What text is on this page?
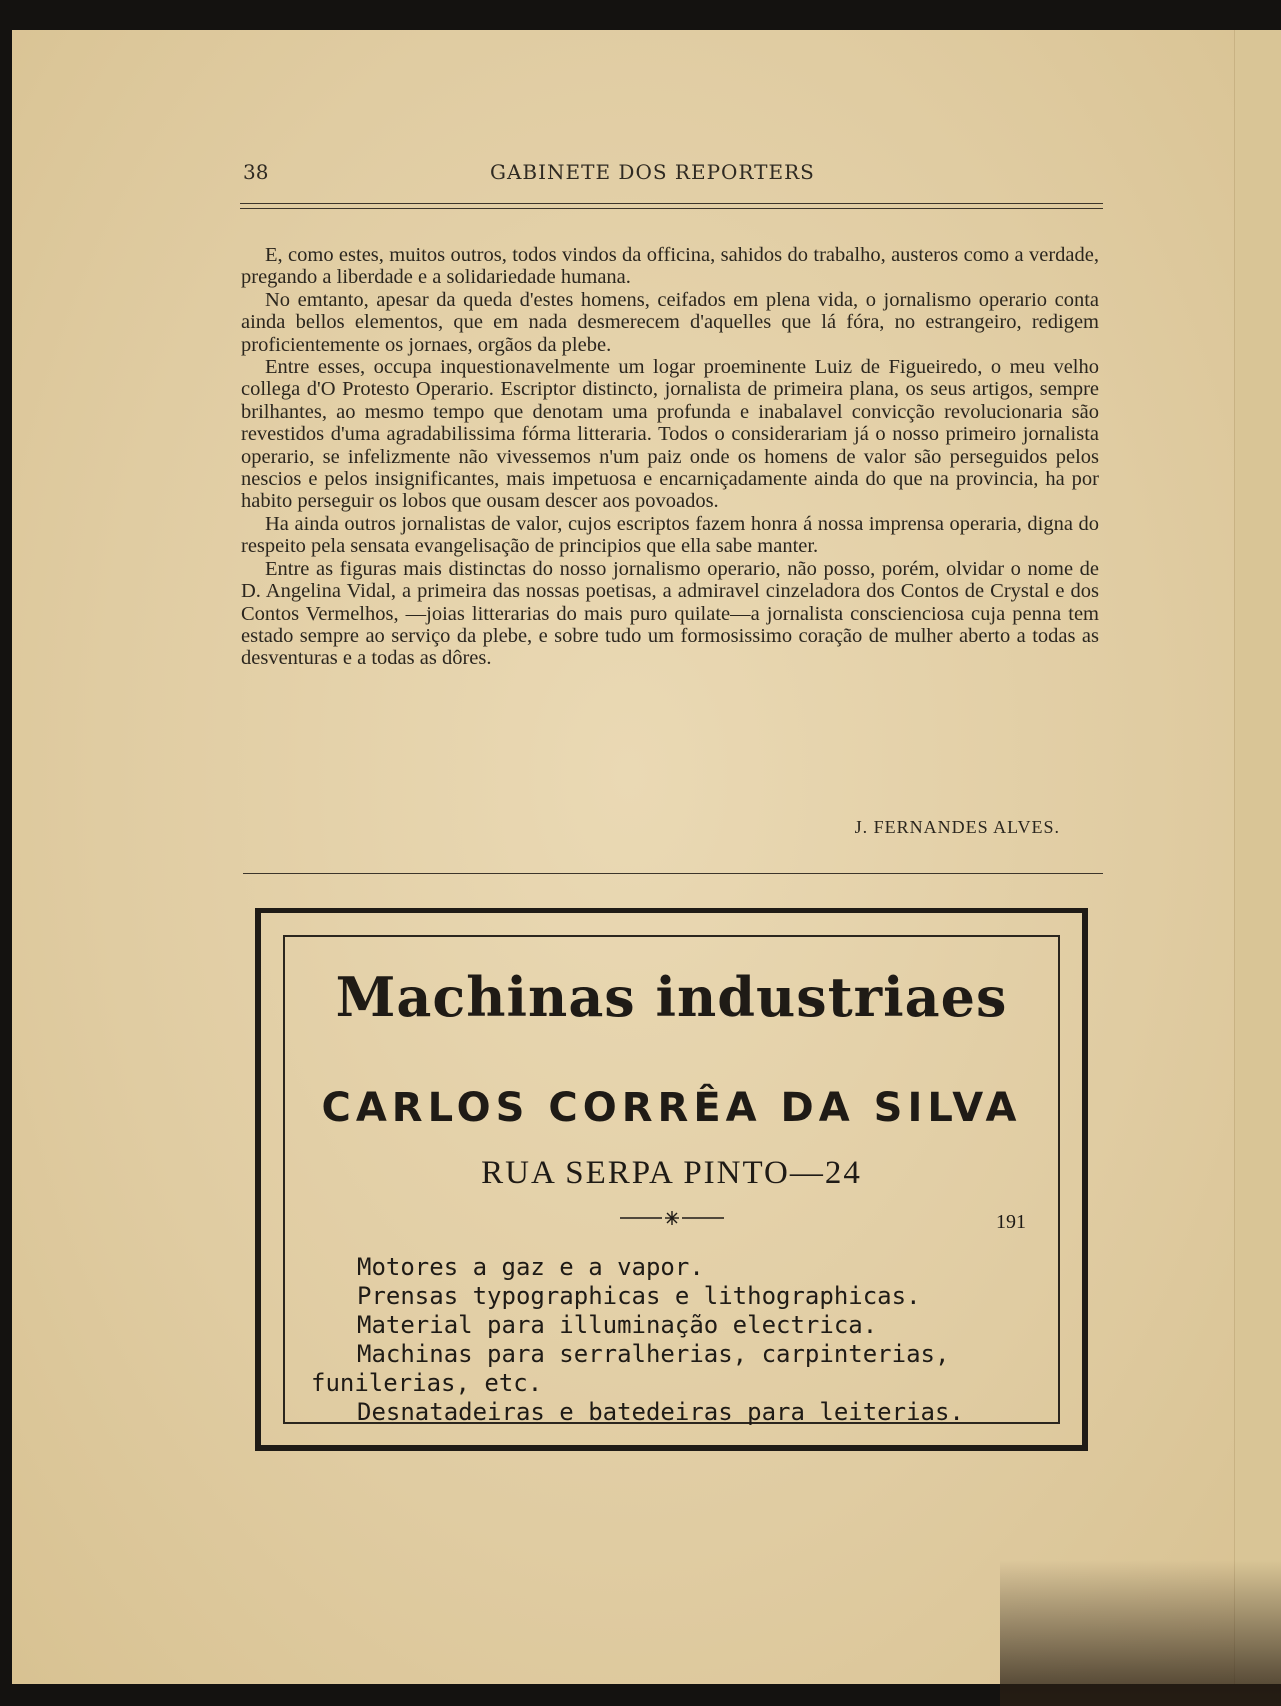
38	GABINETE DOS REPORTERS

E, como estes, muitos outros, todos vindos da officina, sahidos do trabalho, austeros como a verdade, pregando a liberdade e a solidariedade humana.

No emtanto, apesar da queda d'estes homens, ceifados em plena vida, o jornalismo operario conta ainda bellos elementos, que em nada desmerecem d'aquelles que lá fóra, no estrangeiro, redigem proficientemente os jornaes, orgãos da plebe.

Entre esses, occupa inquestionavelmente um logar proeminente Luiz de Figueiredo, o meu velho collega d'O Protesto Operario. Escriptor distincto, jornalista de primeira plana, os seus artigos, sempre brilhantes, ao mesmo tempo que denotam uma profunda e inabalavel convicção revolucionaria são revestidos d'uma agradabilissima fórma litteraria. Todos o considerariam já o nosso primeiro jornalista operario, se infelizmente não vivessemos n'um paiz onde os homens de valor são perseguidos pelos nescios e pelos insignificantes, mais impetuosa e encarniçadamente ainda do que na provincia, ha por habito perseguir os lobos que ousam descer aos povoados.

Ha ainda outros jornalistas de valor, cujos escriptos fazem honra á nossa imprensa operaria, digna do respeito pela sensata evangelisação de principios que ella sabe manter.

Entre as figuras mais distinctas do nosso jornalismo operario, não posso, porém, olvidar o nome de D. Angelina Vidal, a primeira das nossas poetisas, a admiravel cinzeladora dos Contos de Crystal e dos Contos Vermelhos, —joias litterarias do mais puro quilate—a jornalista conscienciosa cuja penna tem estado sempre ao serviço da plebe, e sobre tudo um formosissimo coração de mulher aberto a todas as desventuras e a todas as dôres.

J. FERNANDES ALVES.
Machinas industriaes
CARLOS CORRÊA DA SILVA
RUA SERPA PINTO—24
191
Motores a gaz e a vapor.
Prensas typographicas e lithographicas.
Material para illuminação electrica.
Machinas para serralherias, carpinterias, funilerias, etc.
Desnatadeiras e batedeiras para leiterias.
